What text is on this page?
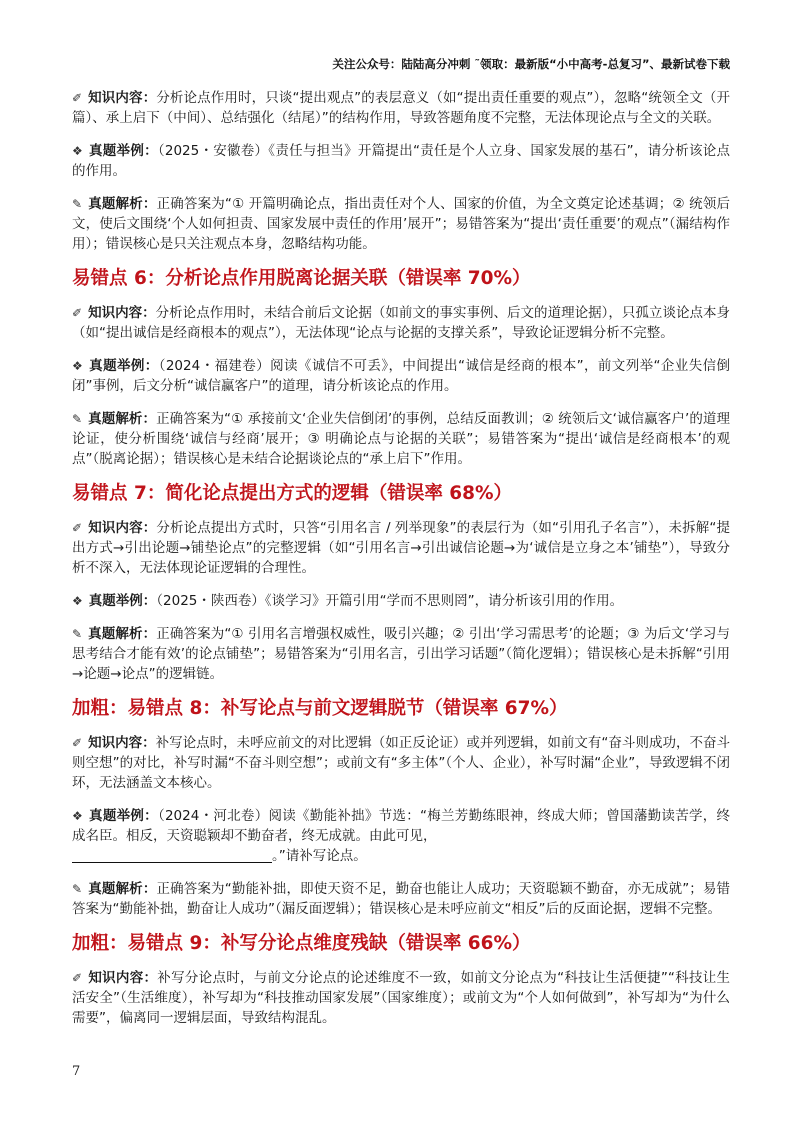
关注公众号：陆陆高分冲刺 ˜领取：最新版“小中高考-总复习”、最新试卷下载

✐ 知识内容：分析论点作用时，只谈“提出观点”的表层意义（如“提出责任重要的观点”），忽略“统领全文（开篇）、承上启下（中间）、总结强化（结尾）”的结构作用，导致答题角度不完整，无法体现论点与全文的关联。

❖ 真题举例：（2025・安徽卷）《责任与担当》开篇提出“责任是个人立身、国家发展的基石”，请分析该论点的作用。

✎ 真题解析：正确答案为“① 开篇明确论点，指出责任对个人、国家的价值，为全文奠定论述基调；② 统领后文，使后文围绕‘个人如何担责、国家发展中责任的作用’展开”；易错答案为“提出‘责任重要’的观点”（漏结构作用）；错误核心是只关注观点本身，忽略结构功能。

易错点 6：分析论点作用脱离论据关联（错误率 70%）

✐ 知识内容：分析论点作用时，未结合前后文论据（如前文的事实事例、后文的道理论据），只孤立谈论点本身（如“提出诚信是经商根本的观点”），无法体现“论点与论据的支撑关系”，导致论证逻辑分析不完整。

❖ 真题举例：（2024・福建卷）阅读《诚信不可丢》，中间提出“诚信是经商的根本”，前文列举“企业失信倒闭”事例，后文分析“诚信赢客户”的道理，请分析该论点的作用。

✎ 真题解析：正确答案为“① 承接前文‘企业失信倒闭’的事例，总结反面教训；② 统领后文‘诚信赢客户’的道理论证，使分析围绕‘诚信与经商’展开；③ 明确论点与论据的关联”；易错答案为“提出‘诚信是经商根本’的观点”（脱离论据）；错误核心是未结合论据谈论点的“承上启下”作用。

易错点 7：简化论点提出方式的逻辑（错误率 68%）

✐ 知识内容：分析论点提出方式时，只答“引用名言 / 列举现象”的表层行为（如“引用孔子名言”），未拆解“提出方式→引出论题→铺垫论点”的完整逻辑（如“引用名言→引出诚信论题→为‘诚信是立身之本’铺垫”），导致分析不深入，无法体现论证逻辑的合理性。

❖ 真题举例：（2025・陕西卷）《谈学习》开篇引用“学而不思则罔”，请分析该引用的作用。

✎ 真题解析：正确答案为“① 引用名言增强权威性，吸引兴趣；② 引出‘学习需思考’的论题；③ 为后文‘学习与思考结合才能有效’的论点铺垫”；易错答案为“引用名言，引出学习话题”（简化逻辑）；错误核心是未拆解“引用→论题→论点”的逻辑链。

加粗：易错点 8：补写论点与前文逻辑脱节（错误率 67%）

✐ 知识内容：补写论点时，未呼应前文的对比逻辑（如正反论证）或并列逻辑，如前文有“奋斗则成功，不奋斗则空想”的对比，补写时漏“不奋斗则空想”；或前文有“多主体”（个人、企业），补写时漏“企业”，导致逻辑不闭环，无法涵盖文本核心。

❖ 真题举例：（2024・河北卷）阅读《勤能补拙》节选：“梅兰芳勤练眼神，终成大师；曾国藩勤读苦学，终成名臣。相反，天资聪颖却不勤奋者，终无成就。由此可见，
。”请补写论点。

✎ 真题解析：正确答案为“勤能补拙，即使天资不足，勤奋也能让人成功；天资聪颖不勤奋，亦无成就”；易错答案为“勤能补拙，勤奋让人成功”（漏反面逻辑）；错误核心是未呼应前文“相反”后的反面论据，逻辑不完整。

加粗：易错点 9：补写分论点维度残缺（错误率 66%）

✐ 知识内容：补写分论点时，与前文分论点的论述维度不一致，如前文分论点为“科技让生活便捷”“科技让生活安全”（生活维度），补写却为“科技推动国家发展”（国家维度）；或前文为“个人如何做到”，补写却为“为什么需要”，偏离同一逻辑层面，导致结构混乱。

7
